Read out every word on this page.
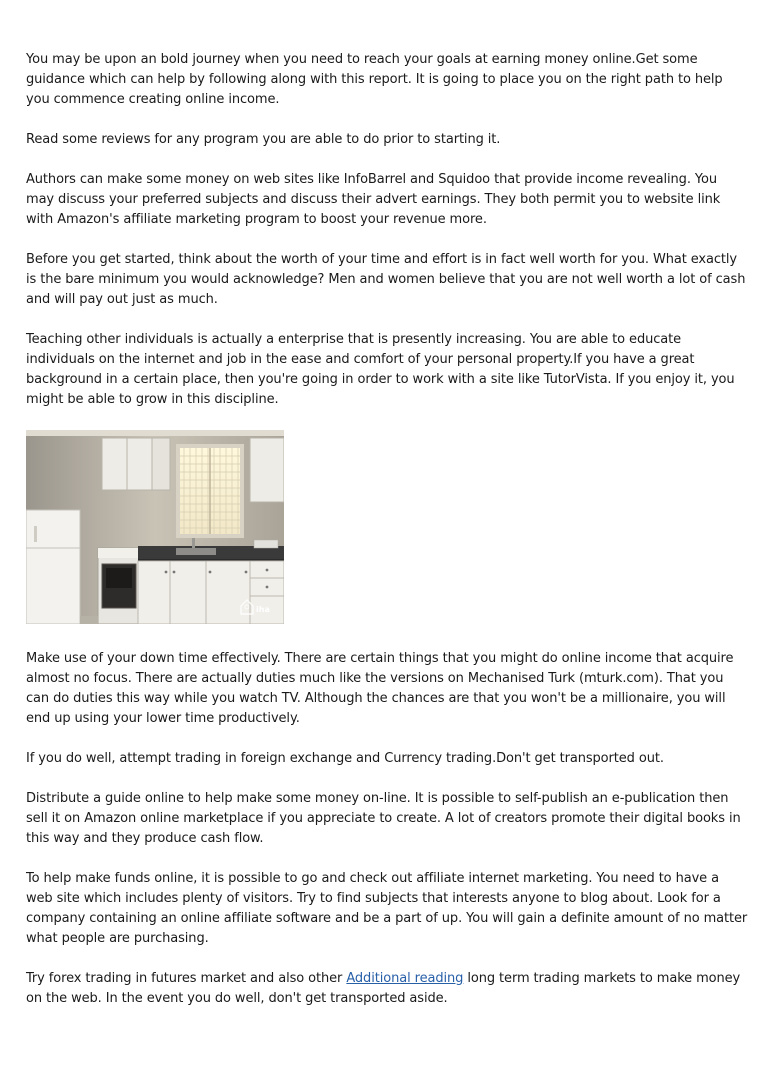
You may be upon an bold journey when you need to reach your goals at earning money online.Get some guidance which can help by following along with this report. It is going to place you on the right path to help you commence creating online income.

Read some reviews for any program you are able to do prior to starting it.

Authors can make some money on web sites like InfoBarrel and Squidoo that provide income revealing. You may discuss your preferred subjects and discuss their advert earnings. They both permit you to website link with Amazon's affiliate marketing program to boost your revenue more.

Before you get started, think about the worth of your time and effort is in fact well worth for you. What exactly is the bare minimum you would acknowledge? Men and women believe that you are not well worth a lot of cash and will pay out just as much.

Teaching other individuals is actually a enterprise that is presently increasing. You are able to educate individuals on the internet and job in the ease and comfort of your personal property.If you have a great background in a certain place, then you're going in order to work with a site like TutorVista. If you enjoy it, you might be able to grow in this discipline.

iha

Make use of your down time effectively. There are certain things that you might do online income that acquire almost no focus. There are actually duties much like the versions on Mechanised Turk (mturk.com). That you can do duties this way while you watch TV. Although the chances are that you won't be a millionaire, you will end up using your lower time productively.

If you do well, attempt trading in foreign exchange and Currency trading.Don't get transported out.

Distribute a guide online to help make some money on-line. It is possible to self-publish an e-publication then sell it on Amazon online marketplace if you appreciate to create. A lot of creators promote their digital books in this way and they produce cash flow.

To help make funds online, it is possible to go and check out affiliate internet marketing. You need to have a web site which includes plenty of visitors. Try to find subjects that interests anyone to blog about. Look for a company containing an online affiliate software and be a part of up. You will gain a definite amount of no matter what people are purchasing.

Try forex trading in futures market and also other Additional reading long term trading markets to make money on the web. In the event you do well, don't get transported aside.
